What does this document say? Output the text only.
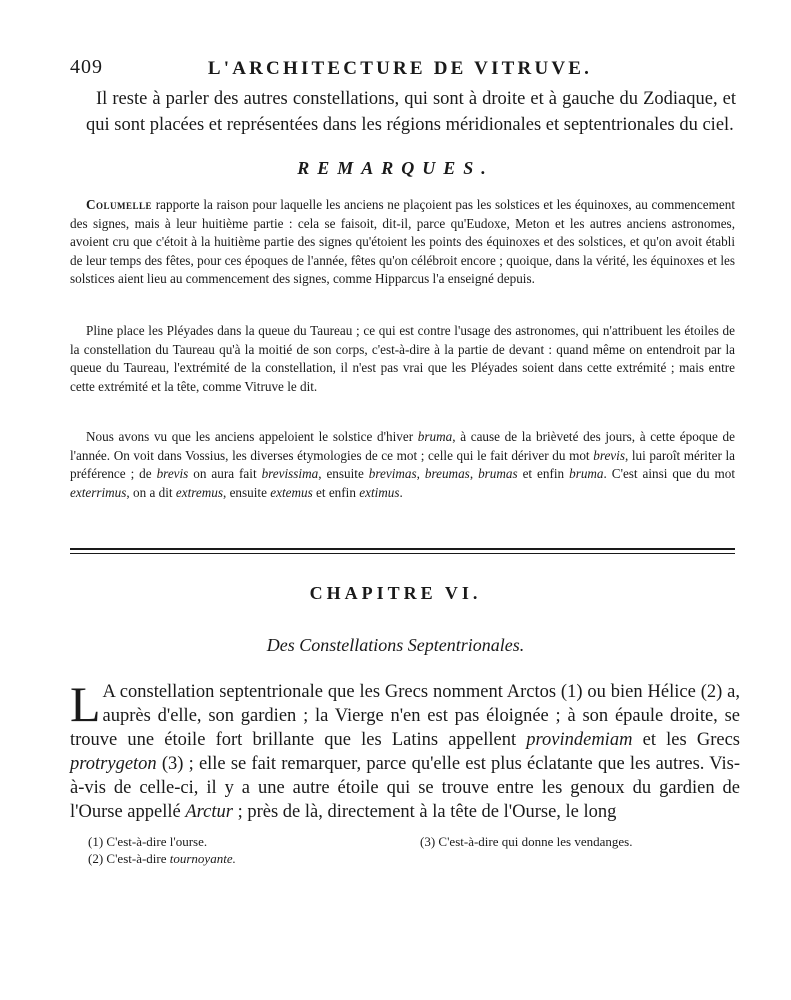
409	L'ARCHITECTURE DE VITRUVE.

Il reste à parler des autres constellations, qui sont à droite et à gauche du Zodiaque, et qui sont placées et représentées dans les régions méridionales et septentrionales du ciel.

REMARQUES.

Columelle rapporte la raison pour laquelle les anciens ne plaçoient pas les solstices et les équinoxes, au commencement des signes, mais à leur huitième partie : cela se faisoit, dit-il, parce qu'Eudoxe, Meton et les autres anciens astronomes, avoient cru que c'étoit à la huitième partie des signes qu'étoient les points des équinoxes et des solstices, et qu'on avoit établi de leur temps des fêtes, pour ces époques de l'année, fêtes qu'on célébroit encore ; quoique, dans la vérité, les équinoxes et les solstices aient lieu au commencement des signes, comme Hipparcus l'a enseigné depuis.

Pline place les Pléyades dans la queue du Taureau ; ce qui est contre l'usage des astronomes, qui n'attribuent les étoiles de la constellation du Taureau qu'à la moitié de son corps, c'est-à-dire à la partie de devant : quand même on entendroit par la queue du Taureau, l'extrémité de la constellation, il n'est pas vrai que les Pléyades soient dans cette extrémité ; mais entre cette extrémité et la tête, comme Vitruve le dit.

Nous avons vu que les anciens appeloient le solstice d'hiver bruma, à cause de la brièveté des jours, à cette époque de l'année. On voit dans Vossius, les diverses étymologies de ce mot ; celle qui le fait dériver du mot brevis, lui paroît mériter la préférence ; de brevis on aura fait brevissima, ensuite brevimas, breumas, brumas et enfin bruma. C'est ainsi que du mot exterrimus, on a dit extremus, ensuite extemus et enfin extimus.

CHAPITRE VI.
Des Constellations Septentrionales.

L A constellation septentrionale que les Grecs nomment Arctos (1) ou bien Hélice (2) a, auprès d'elle, son gardien ; la Vierge n'en est pas éloignée ; à son épaule droite, se trouve une étoile fort brillante que les Latins appellent provindemiam et les Grecs protrygeton (3) ; elle se fait remarquer, parce qu'elle est plus éclatante que les autres. Vis-à-vis de celle-ci, il y a une autre étoile qui se trouve entre les genoux du gardien de l'Ourse appellé Arctur ; près de là, directement à la tête de l'Ourse, le long

(1) C'est-à-dire l'ourse.
(2) C'est-à-dire tournoyante.
(3) C'est-à-dire qui donne les vendanges.
